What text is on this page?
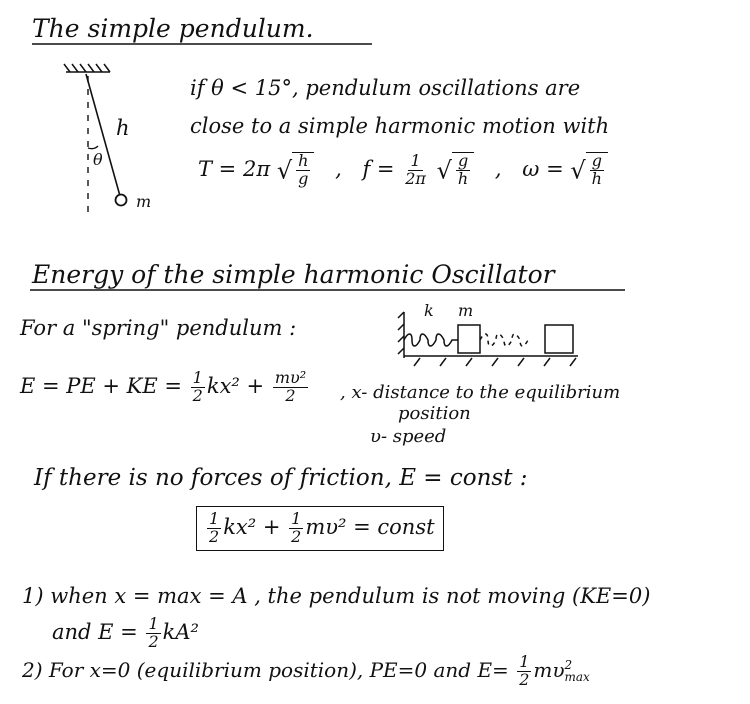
The simple pendulum.
h
θ
m
if θ < 15°, pendulum oscillations are
close to a simple harmonic motion with
T = 2π √ $\frac{h}{g}$ , $f = \frac{1}{2\pi}$ √ $\frac{g}{h}$ , ω = √ $\frac{g}{h}$
Energy of the simple harmonic Oscillator
For a "spring" pendulum :
k m
E = PE + KE = $\frac{1}{2} kx^2 + \frac{\text{mυ²}}{2}$ , x- distance to the equilibrium
position
υ- speed
If there is no forces of friction, E = const :
$\frac{1}{2} kx^2 + \frac{1}{2} m\upsilon^2$ = const
1) when x = max = A , the pendulum is not moving (KE=0)
and $E = \frac{1}{2} kA^2$
2) For x=0 (equilibrium position), PE=0 and $E= \frac{1}{2}$ mυ 2
max
